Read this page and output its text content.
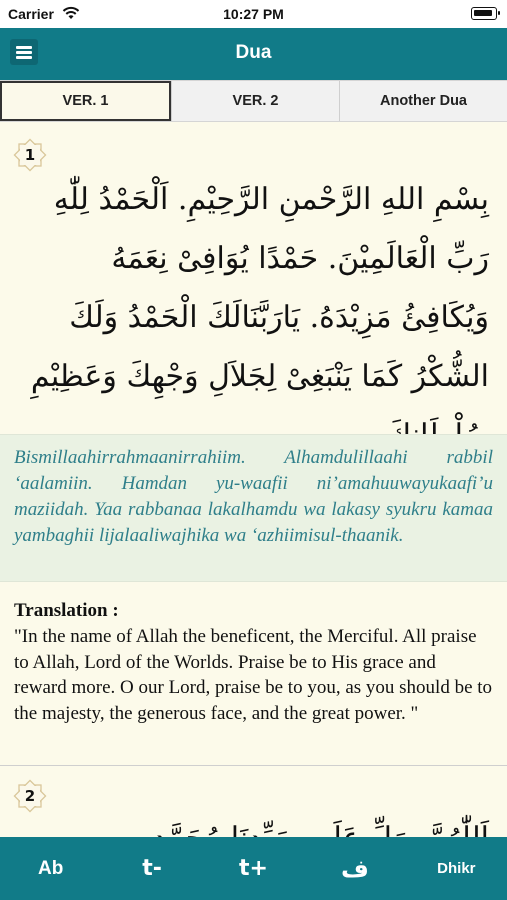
Carrier	10:27 PM
Dua
VER. 1	VER. 2	Another Dua
1
بِسْمِ اللهِ الرَّحْمنِ الرَّحِيْمِ. اَلْحَمْدُ لِلّٰهِ رَبِّ الْعَالَمِيْنَ. حَمْدًا يُوَافِىْ نِعَمَهُ وَيُكَافِئُ مَزِيْدَهُ. يَارَبَّنَالَكَ الْحَمْدُ وَلَكَ الشُّكْرُ كَمَا يَنْبَغِىْ لِجَلاَلِ وَجْهِكَ وَعَظِيْمِ
Bismillaahirrahmaanirrahiim. Alhamdulillaahi rabbil ‘aalamiin. Hamdan yu-waafii ni’amahuuwayukaafi’u maziidah. Yaa rabbanaa lakalhamdu wa lakasy syukru kamaa yambaghii lijalaaliwajhika wa ‘azhiimisul-thaanik.
Translation :
"In the name of Allah the beneficent, the Merciful. All praise to Allah, Lord of the Worlds. Praise be to His grace and reward more. O our Lord, praise be to you, as you should be to the majesty, the generous face, and the great power. "
2
Ab	t-	t+	ف	Dhikr
